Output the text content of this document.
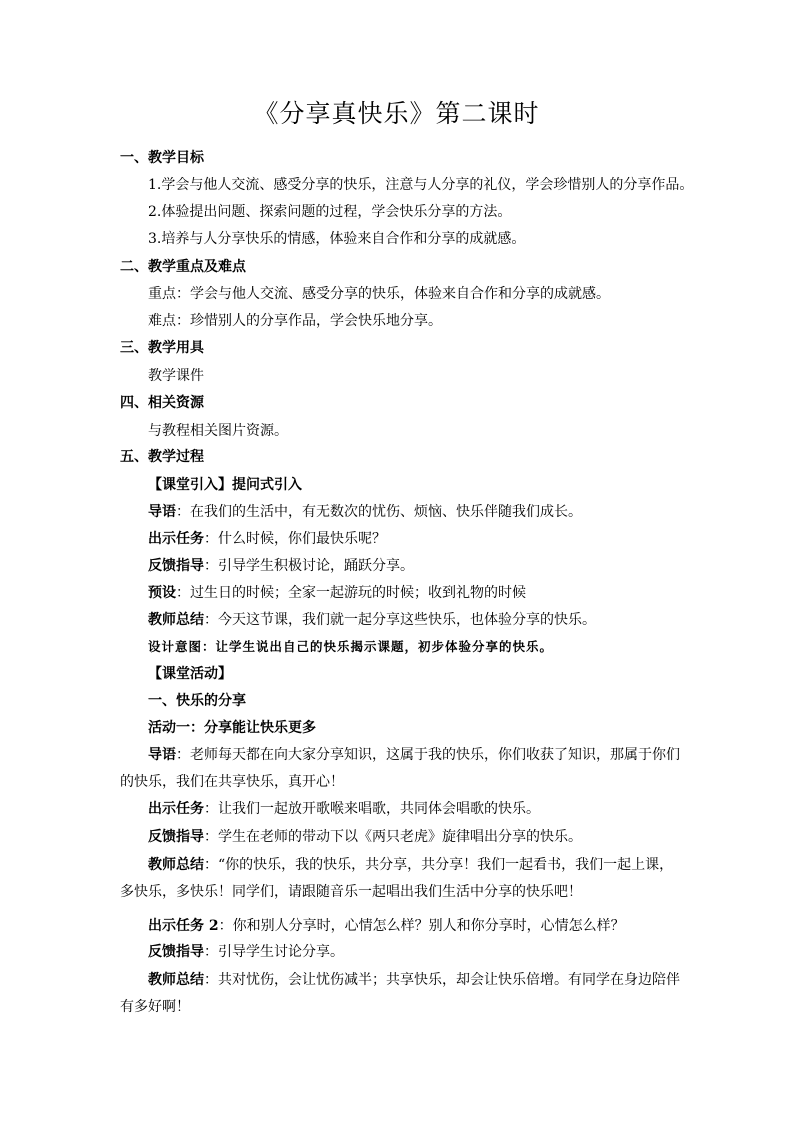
《分享真快乐》第二课时
一、教学目标
1.学会与他人交流、感受分享的快乐，注意与人分享的礼仪，学会珍惜别人的分享作品。
2.体验提出问题、探索问题的过程，学会快乐分享的方法。
3.培养与人分享快乐的情感，体验来自合作和分享的成就感。
二、教学重点及难点
重点：学会与他人交流、感受分享的快乐，体验来自合作和分享的成就感。
难点：珍惜别人的分享作品，学会快乐地分享。
三、教学用具
教学课件
四、相关资源
与教程相关图片资源。
五、教学过程
【课堂引入】提问式引入
导语：在我们的生活中，有无数次的忧伤、烦恼、快乐伴随我们成长。
出示任务：什么时候，你们最快乐呢？
反馈指导：引导学生积极讨论，踊跃分享。
预设：过生日的时候；全家一起游玩的时候；收到礼物的时候
教师总结：今天这节课，我们就一起分享这些快乐，也体验分享的快乐。
设计意图：让学生说出自己的快乐揭示课题，初步体验分享的快乐。
【课堂活动】
一、快乐的分享
活动一：分享能让快乐更多
导语：老师每天都在向大家分享知识，这属于我的快乐，你们收获了知识，那属于你们
的快乐，我们在共享快乐，真开心！
出示任务：让我们一起放开歌喉来唱歌，共同体会唱歌的快乐。
反馈指导：学生在老师的带动下以《两只老虎》旋律唱出分享的快乐。
教师总结：“你的快乐，我的快乐，共分享，共分享！我们一起看书，我们一起上课，
多快乐，多快乐！同学们，请跟随音乐一起唱出我们生活中分享的快乐吧！
出示任务 2：你和别人分享时，心情怎么样？别人和你分享时，心情怎么样？
反馈指导：引导学生讨论分享。
教师总结：共对忧伤，会让忧伤减半；共享快乐，却会让快乐倍增。有同学在身边陪伴
有多好啊！
